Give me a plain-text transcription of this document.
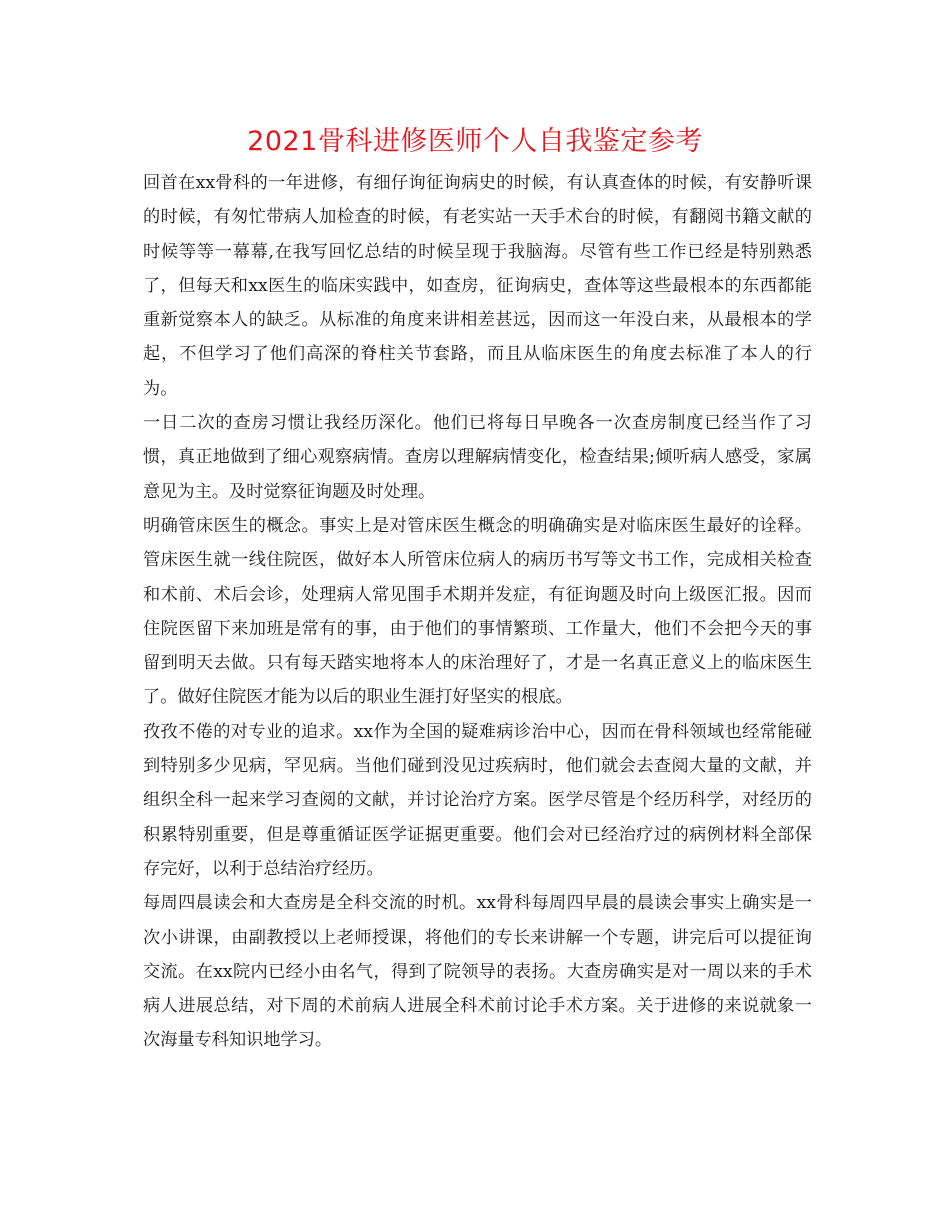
2021骨科进修医师个人自我鉴定参考

回首在xx骨科的一年进修，有细仔询征询病史的时候，有认真查体的时候，有安静听课的时候，有匆忙带病人加检查的时候，有老实站一天手术台的时候，有翻阅书籍文献的时候等等一幕幕,在我写回忆总结的时候呈现于我脑海。尽管有些工作已经是特别熟悉了，但每天和xx医生的临床实践中，如查房，征询病史，查体等这些最根本的东西都能重新觉察本人的缺乏。从标准的角度来讲相差甚远，因而这一年没白来，从最根本的学起，不但学习了他们高深的脊柱关节套路，而且从临床医生的角度去标准了本人的行为。

一日二次的查房习惯让我经历深化。他们已将每日早晚各一次查房制度已经当作了习惯，真正地做到了细心观察病情。查房以理解病情变化，检查结果;倾听病人感受，家属意见为主。及时觉察征询题及时处理。

明确管床医生的概念。事实上是对管床医生概念的明确确实是对临床医生最好的诠释。管床医生就一线住院医，做好本人所管床位病人的病历书写等文书工作，完成相关检查和术前、术后会诊，处理病人常见围手术期并发症，有征询题及时向上级医汇报。因而住院医留下来加班是常有的事，由于他们的事情繁琐、工作量大，他们不会把今天的事留到明天去做。只有每天踏实地将本人的床治理好了，才是一名真正意义上的临床医生了。做好住院医才能为以后的职业生涯打好坚实的根底。

孜孜不倦的对专业的追求。xx作为全国的疑难病诊治中心，因而在骨科领域也经常能碰到特别多少见病，罕见病。当他们碰到没见过疾病时，他们就会去查阅大量的文献，并组织全科一起来学习查阅的文献，并讨论治疗方案。医学尽管是个经历科学，对经历的积累特别重要，但是尊重循证医学证据更重要。他们会对已经治疗过的病例材料全部保存完好，以利于总结治疗经历。

每周四晨读会和大查房是全科交流的时机。xx骨科每周四早晨的晨读会事实上确实是一次小讲课，由副教授以上老师授课，将他们的专长来讲解一个专题，讲完后可以提征询交流。在xx院内已经小由名气，得到了院领导的表扬。大查房确实是对一周以来的手术病人进展总结，对下周的术前病人进展全科术前讨论手术方案。关于进修的来说就象一次海量专科知识地学习。
